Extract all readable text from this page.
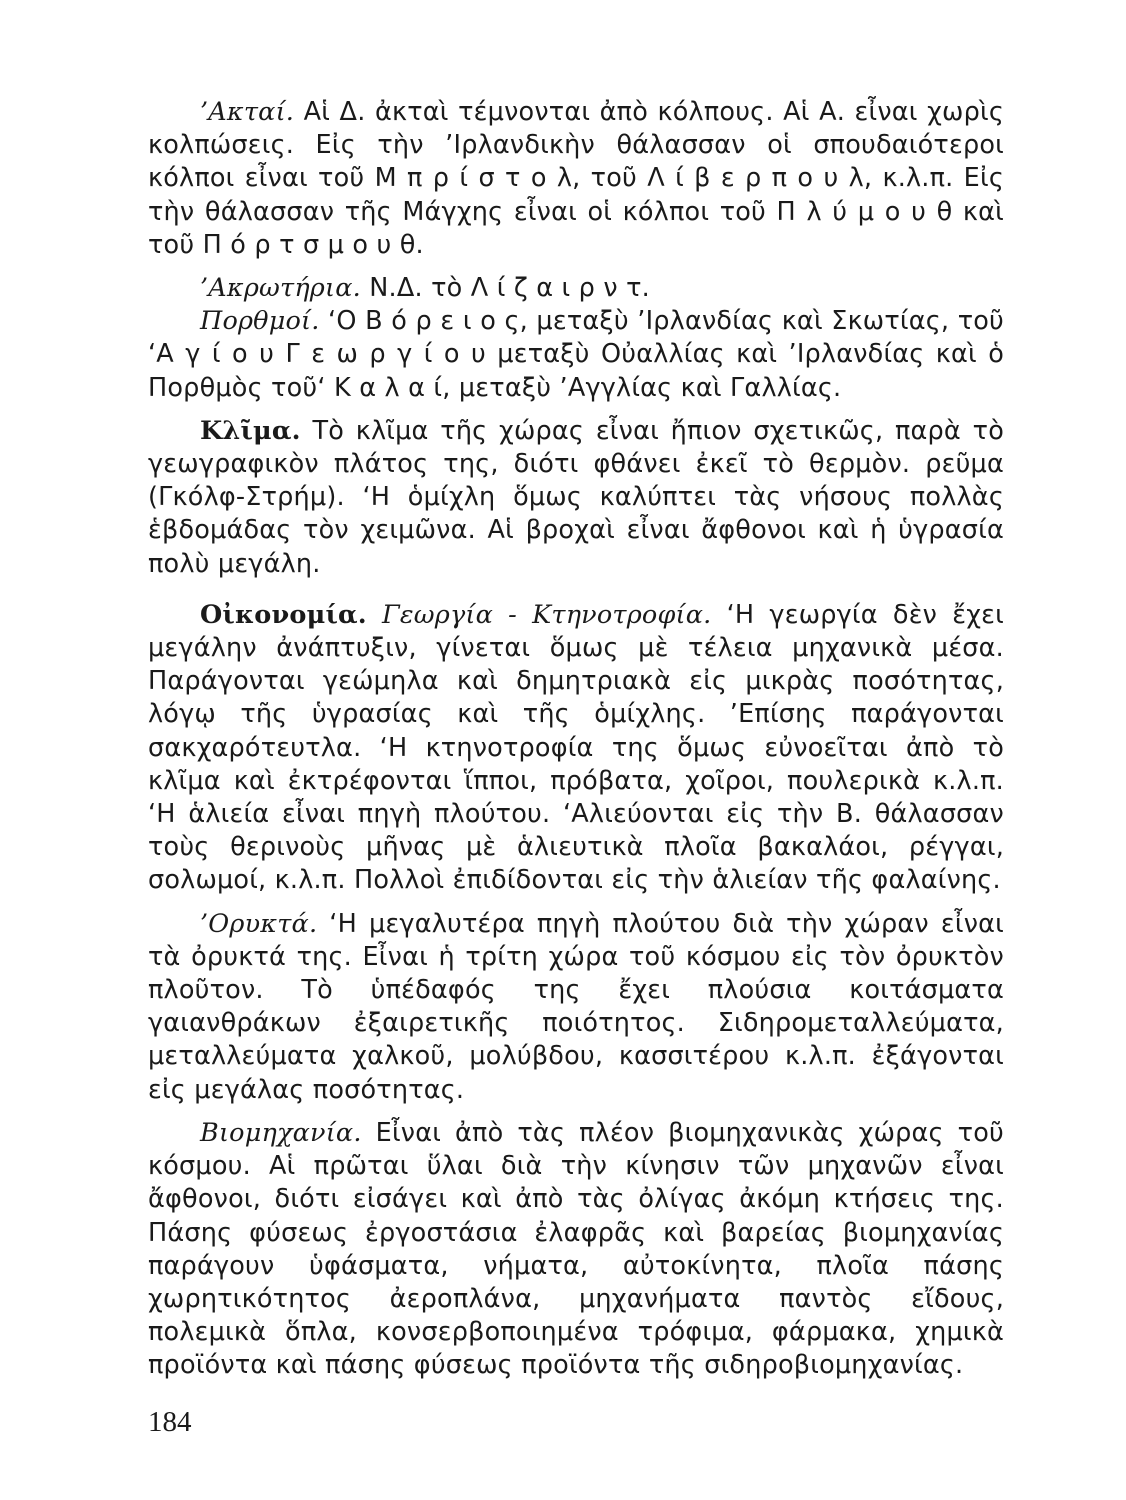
’Ακταί. Αἱ Δ. ἀκταὶ τέμνονται ἀπὸ κόλπους. Αἱ Α. εἶναι χωρὶς κολπώσεις. Εἰς τὴν ’Ιρλανδικὴν θάλασσαν οἱ σπουδαιότεροι κόλποι εἶναι τοῦ Μ π ρ ί σ τ ο λ, τοῦ Λ ί β ε ρ π ο υ λ, κ.λ.π. Εἰς τὴν θάλασσαν τῆς Μάγχης εἶναι οἱ κόλποι τοῦ Π λ ύ μ ο υ θ καὶ τοῦ Π ό ρ τ σ μ ο υ θ.

’Ακρωτήρια. Ν.Δ. τὸ Λ ί ζ α ι ρ ν τ.

Πορθμοί. ‘Ο Β ό ρ ε ι ο ς, μεταξὺ ’Ιρλανδίας καὶ Σκωτίας, τοῦ ‘Α γ ί ο υ Γ ε ω ρ γ ί ο υ μεταξὺ Οὐαλλίας καὶ ’Ιρλανδίας καὶ ὁ Πορθμὸς τοῦ‘ Κ α λ α ί, μεταξὺ ’Αγγλίας καὶ Γαλλίας.

Κλῖμα. Τὸ κλῖμα τῆς χώρας εἶναι ἤπιον σχετικῶς, παρὰ τὸ γεωγραφικὸν πλάτος της, διότι φθάνει ἐκεῖ τὸ θερμὸν. ρεῦμα (Γκόλφ-Στρήμ). ‘Η ὁμίχλη ὅμως καλύπτει τὰς νήσους πολλὰς ἑβδομάδας τὸν χειμῶνα. Αἱ βροχαὶ εἶναι ἄφθονοι καὶ ἡ ὑγρασία πολὺ μεγάλη.

Οἰκονομία. Γεωργία - Κτηνοτροφία. ‘Η γεωργία δὲν ἔχει μεγάλην ἀνάπτυξιν, γίνεται ὅμως μὲ τέλεια μηχανικὰ μέσα. Παράγονται γεώμηλα καὶ δημητριακὰ εἰς μικρὰς ποσότητας, λόγῳ τῆς ὑγρασίας καὶ τῆς ὁμίχλης. ’Επίσης παράγονται σακχαρότευτλα. ‘Η κτηνοτροφία της ὅμως εὐνοεῖται ἀπὸ τὸ κλῖμα καὶ ἐκτρέφονται ἵπποι, πρόβατα, χοῖροι, πουλερικὰ κ.λ.π. ‘Η ἁλιεία εἶναι πηγὴ πλούτου. ‘Αλιεύονται εἰς τὴν Β. θάλασσαν τοὺς θερινοὺς μῆνας μὲ ἁλιευτικὰ πλοῖα βακαλάοι, ρέγγαι, σολωμοί, κ.λ.π. Πολλοὶ ἐπιδίδονται εἰς τὴν ἁλιείαν τῆς φαλαίνης.

’Ορυκτά. ‘Η μεγαλυτέρα πηγὴ πλούτου διὰ τὴν χώραν εἶναι τὰ ὀρυκτά της. Εἶναι ἡ τρίτη χώρα τοῦ κόσμου εἰς τὸν ὀρυκτὸν πλοῦτον. Τὸ ὑπέδαφός της ἔχει πλούσια κοιτάσματα γαιανθράκων ἐξαιρετικῆς ποιότητος. Σιδηρομεταλλεύματα, μεταλλεύματα χαλκοῦ, μολύβδου, κασσιτέρου κ.λ.π. ἐξάγονται εἰς μεγάλας ποσότητας.

Βιομηχανία. Εἶναι ἀπὸ τὰς πλέον βιομηχανικὰς χώρας τοῦ κόσμου. Αἱ πρῶται ὕλαι διὰ τὴν κίνησιν τῶν μηχανῶν εἶναι ἄφθονοι, διότι εἰσάγει καὶ ἀπὸ τὰς ὀλίγας ἀκόμη κτήσεις της. Πάσης φύσεως ἐργοστάσια ἐλαφρᾶς καὶ βαρείας βιομηχανίας παράγουν ὑφάσματα, νήματα, αὐτοκίνητα, πλοῖα πάσης χωρητικότητος ἀεροπλάνα, μηχανήματα παντὸς εἴδους, πολεμικὰ ὅπλα, κονσερβοποιημένα τρόφιμα, φάρμακα, χημικὰ προϊόντα καὶ πάσης φύσεως προϊόντα τῆς σιδηροβιομηχανίας.

184
